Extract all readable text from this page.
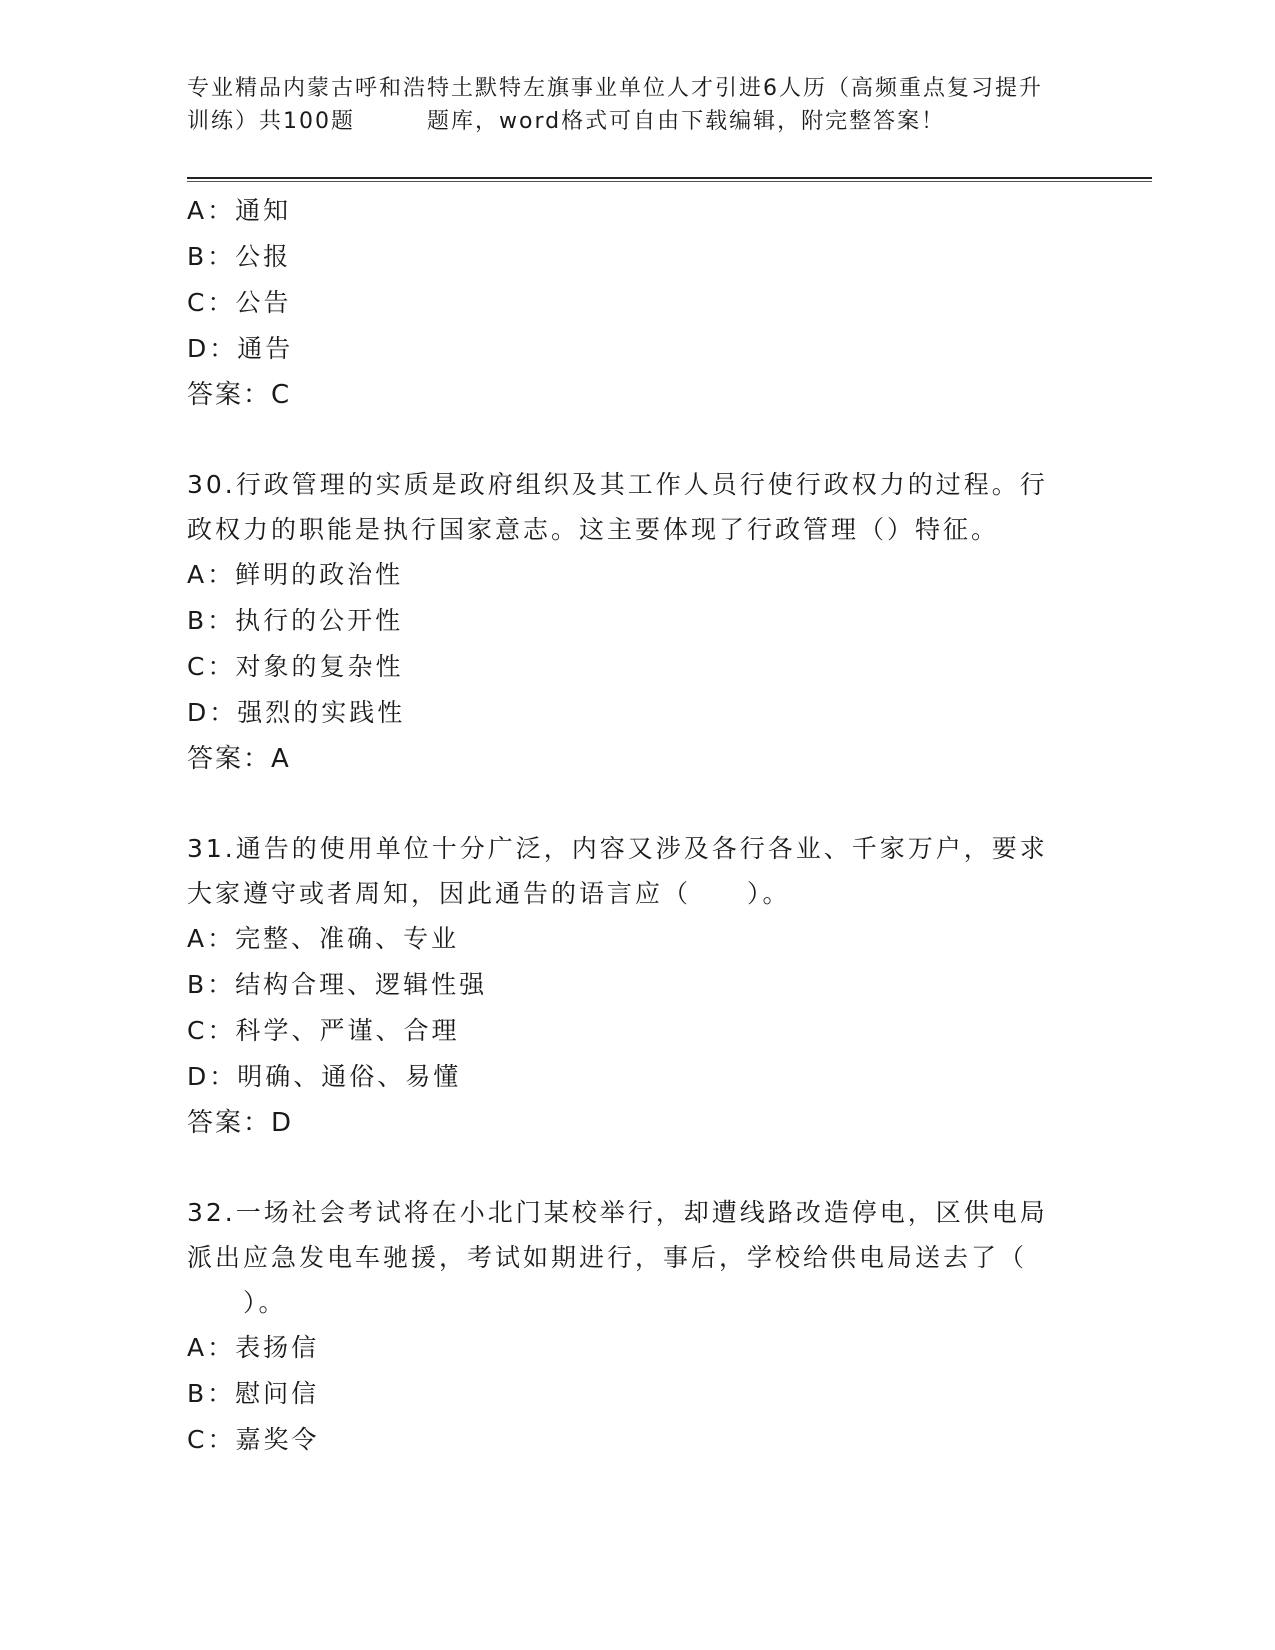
专业精品内蒙古呼和浩特土默特左旗事业单位人才引进6人历（高频重点复习提升
训练）共100题	题库，word格式可自由下载编辑，附完整答案！
A：通知
B：公报
C：公告
D：通告
答案：C
30.行政管理的实质是政府组织及其工作人员行使行政权力的过程。行
政权力的职能是执行国家意志。这主要体现了行政管理（）特征。
A：鲜明的政治性
B：执行的公开性
C：对象的复杂性
D：强烈的实践性
答案：A
31.通告的使用单位十分广泛，内容又涉及各行各业、千家万户，要求
大家遵守或者周知，因此通告的语言应（　　）。
A：完整、准确、专业
B：结构合理、逻辑性强
C：科学、严谨、合理
D：明确、通俗、易懂
答案：D
32.一场社会考试将在小北门某校举行，却遭线路改造停电，区供电局
派出应急发电车驰援，考试如期进行，事后，学校给供电局送去了（
）。
A：表扬信
B：慰问信
C：嘉奖令
